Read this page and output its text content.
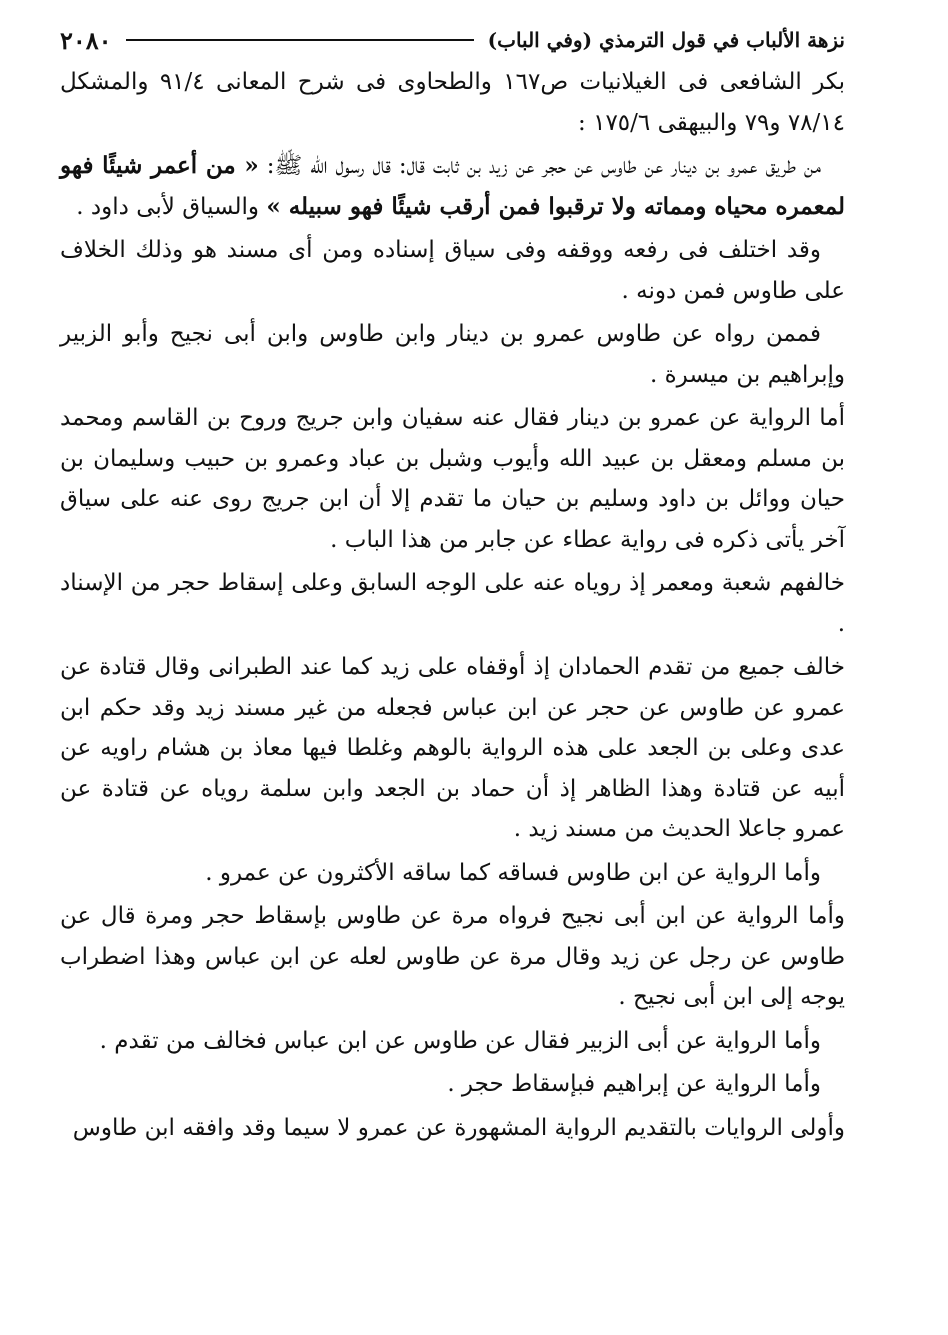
نزهة الألباب في قول الترمذي (وفي الباب)
٢٠٨٠

بكر الشافعى فى الغيلانيات ص١٦٧ والطحاوى فى شرح المعانى ٩١/٤ والمشكل ٧٨/١٤ و٧٩ والبيهقى ١٧٥/٦ :

من طريق عمرو بن دينار عن طاوس عن حجر عن زيد بن ثابت قال: قال رسول الله ﷺ: « من أعمر شيئًا فهو لمعمره محياه ومماته ولا ترقبوا فمن أرقب شيئًا فهو سبيله » والسياق لأبى داود .

وقد اختلف فى رفعه ووقفه وفى سياق إسناده ومن أى مسند هو وذلك الخلاف على طاوس فمن دونه .

فممن رواه عن طاوس عمرو بن دينار وابن طاوس وابن أبى نجيح وأبو الزبير وإبراهيم بن ميسرة .

أما الرواية عن عمرو بن دينار فقال عنه سفيان وابن جريج وروح بن القاسم ومحمد بن مسلم ومعقل بن عبيد الله وأيوب وشبل بن عباد وعمرو بن حبيب وسليمان بن حيان ووائل بن داود وسليم بن حيان ما تقدم إلا أن ابن جريج روى عنه على سياق آخر يأتى ذكره فى رواية عطاء عن جابر من هذا الباب .

خالفهم شعبة ومعمر إذ روياه عنه على الوجه السابق وعلى إسقاط حجر من الإسناد .

خالف جميع من تقدم الحمادان إذ أوقفاه على زيد كما عند الطبرانى وقال قتادة عن عمرو عن طاوس عن حجر عن ابن عباس فجعله من غير مسند زيد وقد حكم ابن عدى وعلى بن الجعد على هذه الرواية بالوهم وغلطا فيها معاذ بن هشام راويه عن أبيه عن قتادة وهذا الظاهر إذ أن حماد بن الجعد وابن سلمة روياه عن قتادة عن عمرو جاعلا الحديث من مسند زيد .

وأما الرواية عن ابن طاوس فساقه كما ساقه الأكثرون عن عمرو .

وأما الرواية عن ابن أبى نجيح فرواه مرة عن طاوس بإسقاط حجر ومرة قال عن طاوس عن رجل عن زيد وقال مرة عن طاوس لعله عن ابن عباس وهذا اضطراب يوجه إلى ابن أبى نجيح .

وأما الرواية عن أبى الزبير فقال عن طاوس عن ابن عباس فخالف من تقدم .

وأما الرواية عن إبراهيم فبإسقاط حجر .

وأولى الروايات بالتقديم الرواية المشهورة عن عمرو لا سيما وقد وافقه ابن طاوس
